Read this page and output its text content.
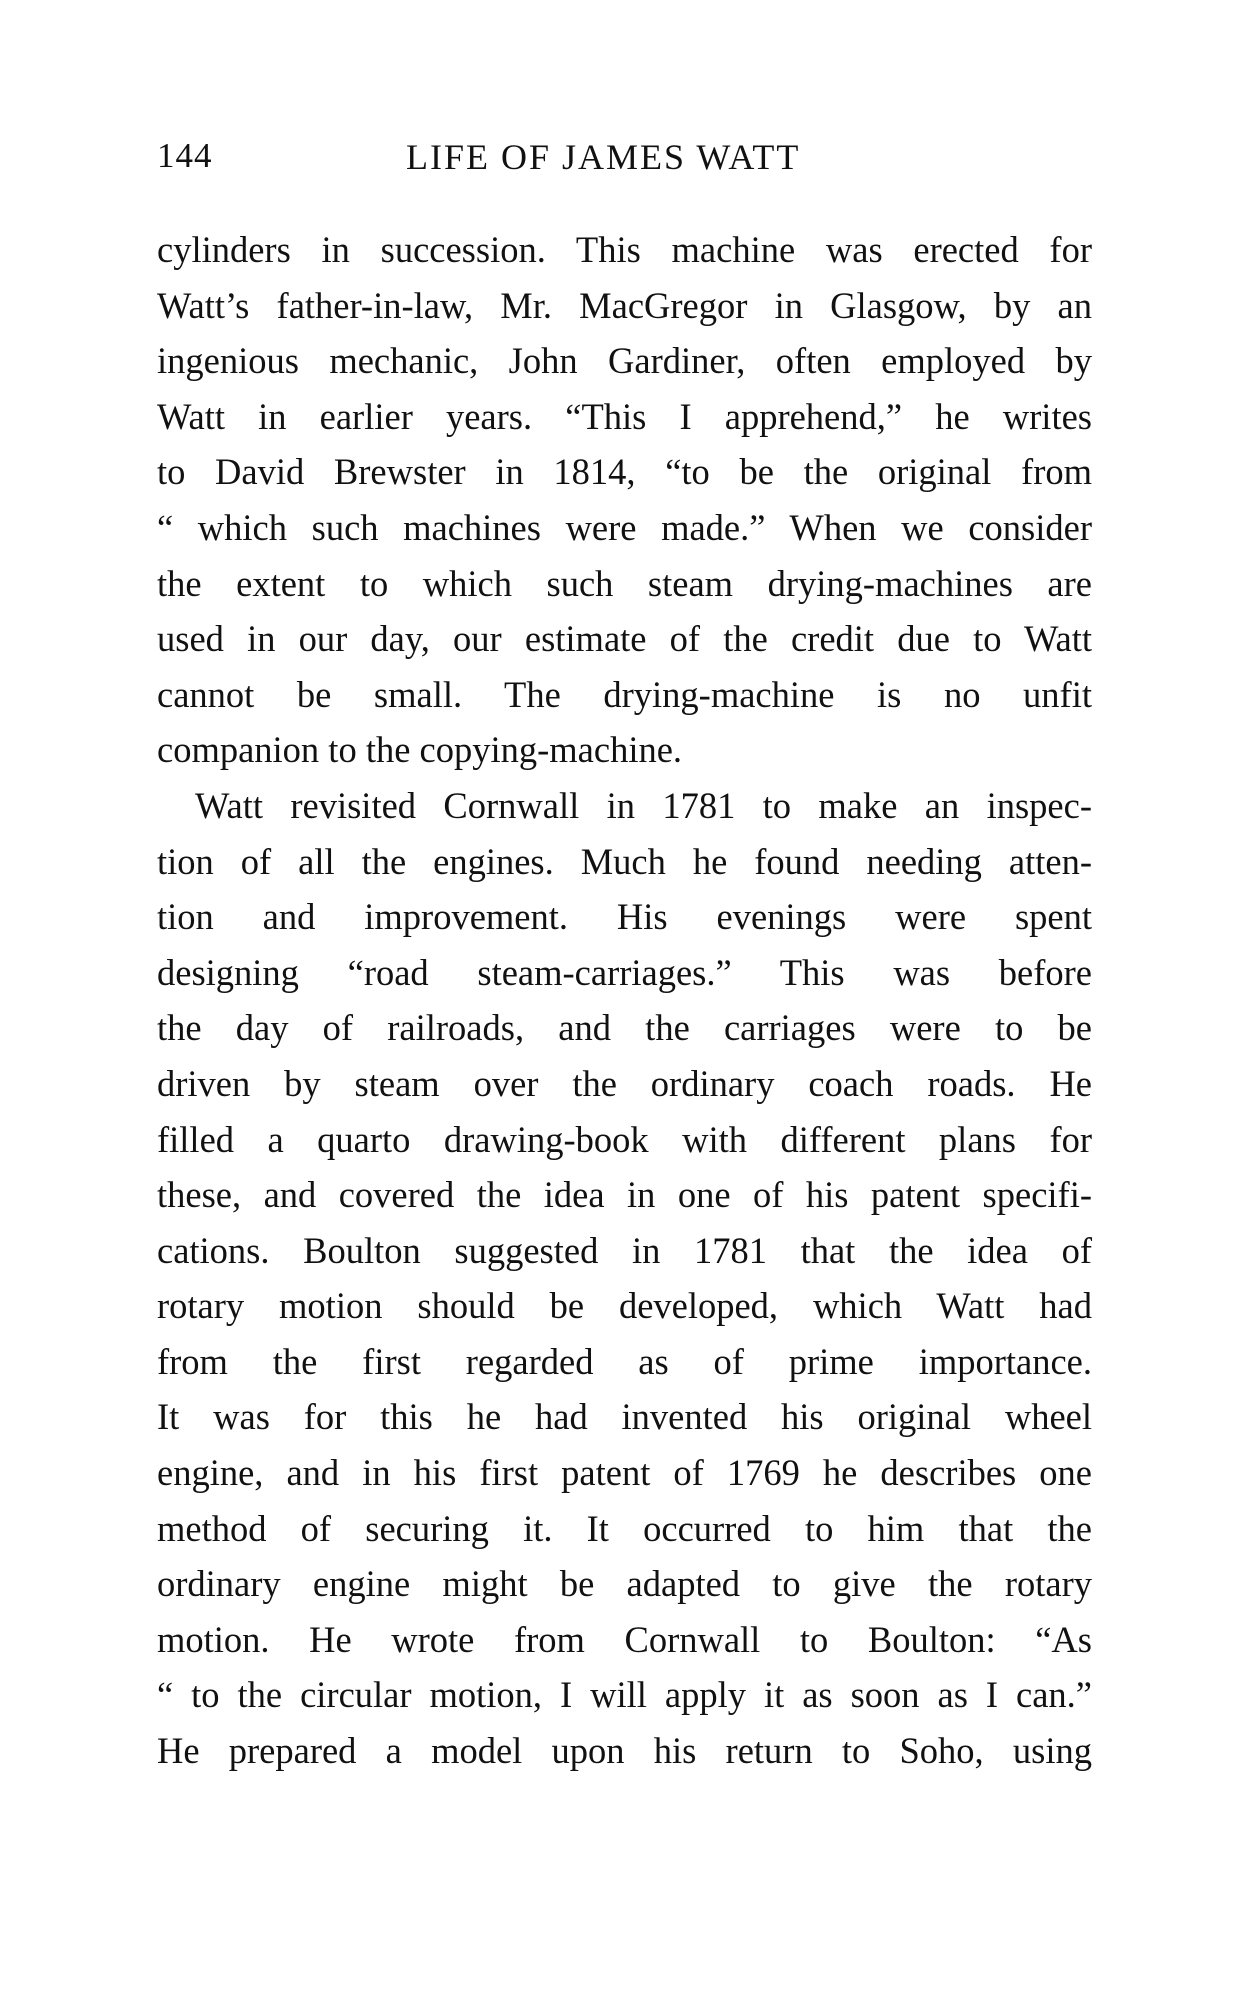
144	LIFE OF JAMES WATT
cylinders in succession. This machine was erected for
Watt’s father-in-law, Mr. MacGregor in Glasgow, by an
ingenious mechanic, John Gardiner, often employed by
Watt in earlier years. “This I apprehend,” he writes
to David Brewster in 1814, “to be the original from
“ which such machines were made.” When we consider
the extent to which such steam drying-machines are
used in our day, our estimate of the credit due to Watt
cannot be small. The drying-machine is no unfit
companion to the copying-machine.
Watt revisited Cornwall in 1781 to make an inspec-
tion of all the engines. Much he found needing atten-
tion and improvement. His evenings were spent
designing “road steam-carriages.” This was before
the day of railroads, and the carriages were to be
driven by steam over the ordinary coach roads. He
filled a quarto drawing-book with different plans for
these, and covered the idea in one of his patent specifi-
cations. Boulton suggested in 1781 that the idea of
rotary motion should be developed, which Watt had
from the first regarded as of prime importance.
It was for this he had invented his original wheel
engine, and in his first patent of 1769 he describes one
method of securing it. It occurred to him that the
ordinary engine might be adapted to give the rotary
motion. He wrote from Cornwall to Boulton: “As
“ to the circular motion, I will apply it as soon as I can.”
He prepared a model upon his return to Soho, using
